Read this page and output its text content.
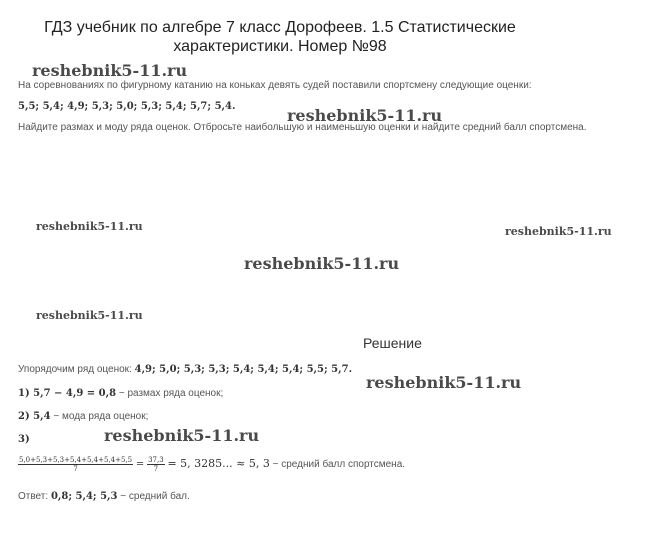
ГДЗ учебник по алгебре 7 класс Дорофеев. 1.5 Статистические характеристики. Номер №98
reshebnik5-11.ru
На соревнованиях по фигурному катанию на коньках девять судей поставили спортсмену следующие оценки:
5,5; 5,4; 4,9; 5,3; 5,0; 5,3; 5,4; 5,7; 5,4.	reshebnik5-11.ru
Найдите размах и моду ряда оценок. Отбросьте наибольшую и наименьшую оценки и найдите средний балл спортсмена.
reshebnik5-11.ru	reshebnik5-11.ru
reshebnik5-11.ru
reshebnik5-11.ru
Решение
Упорядочим ряд оценок: 4,9; 5,0; 5,3; 5,3; 5,4; 5,4; 5,4; 5,5; 5,7.
reshebnik5-11.ru
1) 5,7 − 4,9 = 0,8 − размах ряда оценок;
2) 5,4 − мода ряда оценок;
3)	reshebnik5-11.ru
$\frac{5,0+5,3+5,3+5,4+5,4+5,4+5,5}{7} = \frac{37,3}{7} = 5$, 3285... ≈ 5, 3 − средний балл спортсмена.
Ответ: 0,8; 5,4; 5,3 − средний бал.
